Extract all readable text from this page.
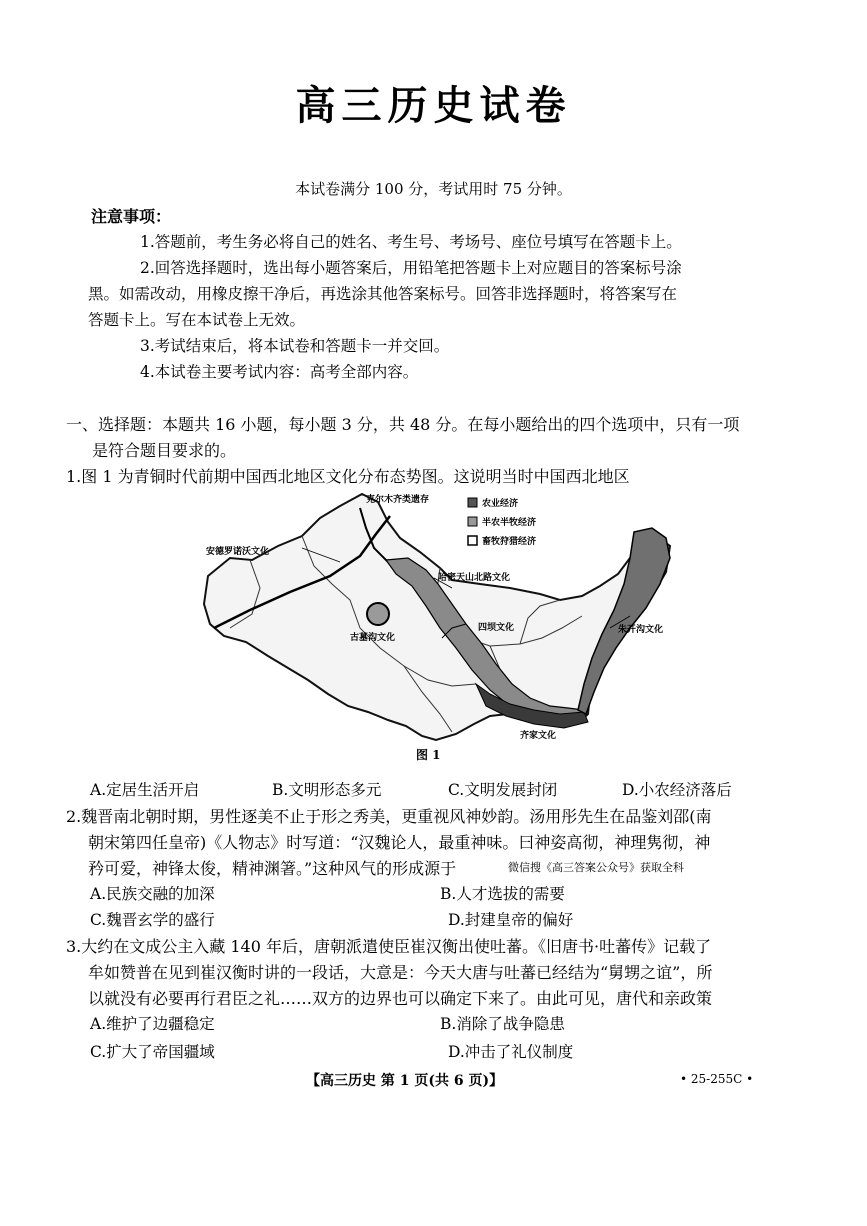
高三历史试卷
本试卷满分 100 分，考试用时 75 分钟。
注意事项：
1.答题前，考生务必将自己的姓名、考生号、考场号、座位号填写在答题卡上。
2.回答选择题时，选出每小题答案后，用铅笔把答题卡上对应题目的答案标号涂
黑。如需改动，用橡皮擦干净后，再选涂其他答案标号。回答非选择题时，将答案写在
答题卡上。写在本试卷上无效。
3.考试结束后，将本试卷和答题卡一并交回。
4.本试卷主要考试内容：高考全部内容。
一、选择题：本题共 16 小题，每小题 3 分，共 48 分。在每小题给出的四个选项中，只有一项
是符合题目要求的。
1.图 1 为青铜时代前期中国西北地区文化分布态势图。这说明当时中国西北地区
农业经济
半农半牧经济
畜牧狩猎经济
克尔木齐类遗存
安德罗诺沃文化
哈密天山北路文化
古墓沟文化
四坝文化	朱开沟文化
齐家文化
图 1
A.定居生活开启	B.文明形态多元	C.文明发展封闭	D.小农经济落后
2.魏晋南北朝时期，男性逐美不止于形之秀美，更重视风神妙韵。汤用彤先生在品鉴刘邵(南
朝宋第四任皇帝)《人物志》时写道：“汉魏论人，最重神味。曰神姿高彻，神理隽彻，神
矜可爱，神锋太俊，精神渊箸。”这种风气的形成源于	微信搜《高三答案公众号》获取全科
A.民族交融的加深	B.人才选拔的需要
C.魏晋玄学的盛行	D.封建皇帝的偏好
3.大约在文成公主入藏 140 年后，唐朝派遣使臣崔汉衡出使吐蕃。《旧唐书·吐蕃传》记载了
牟如赞普在见到崔汉衡时讲的一段话，大意是：今天大唐与吐蕃已经结为“舅甥之谊”，所
以就没有必要再行君臣之礼……双方的边界也可以确定下来了。由此可见，唐代和亲政策
A.维护了边疆稳定	B.消除了战争隐患
C.扩大了帝国疆域	D.冲击了礼仪制度
【高三历史 第 1 页(共 6 页)】	• 25-255C •
